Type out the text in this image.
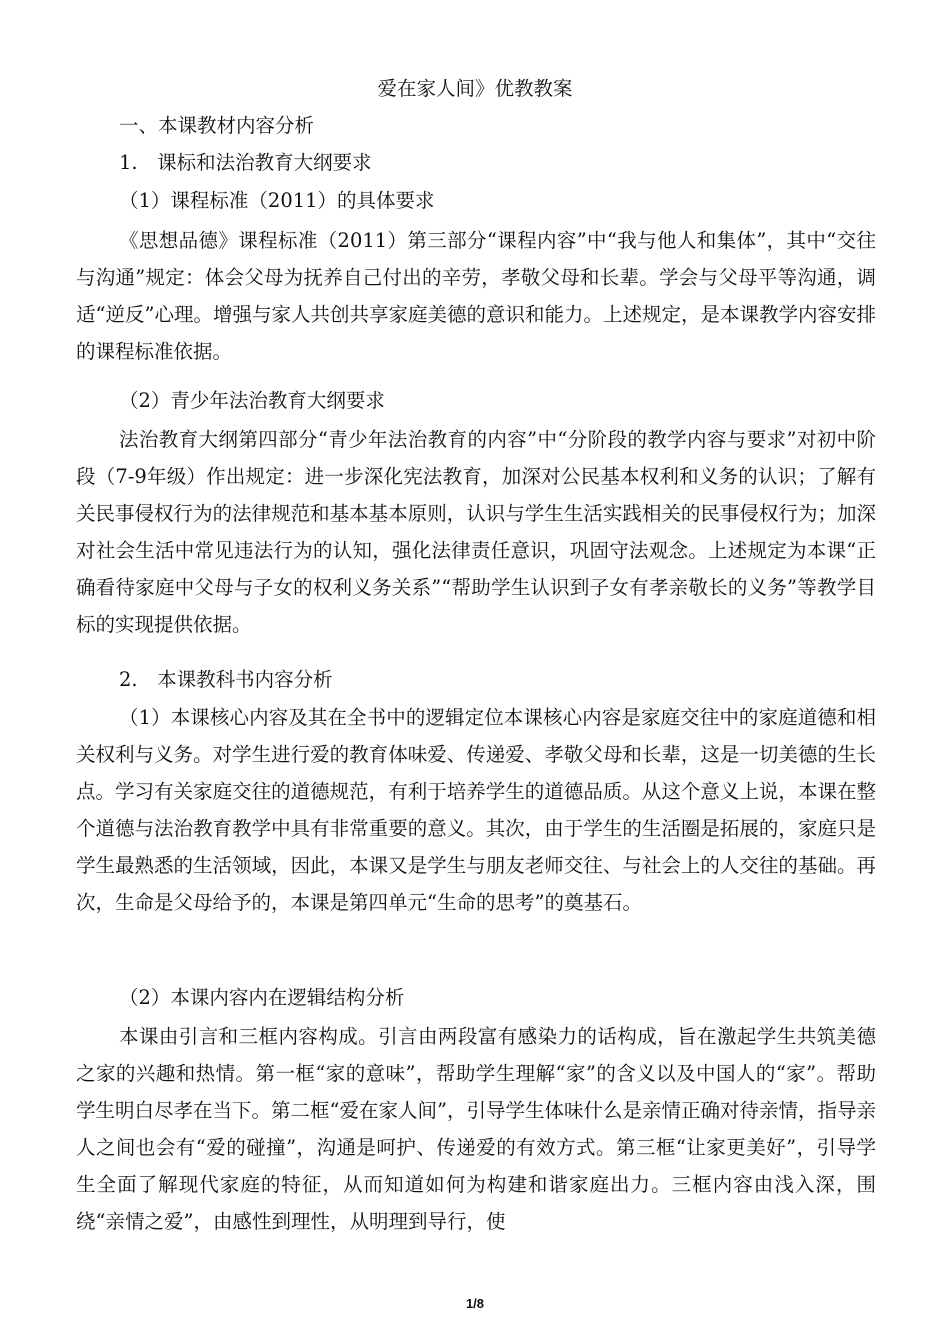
爱在家人间》优教教案
一、本课教材内容分析
1.　课标和法治教育大纲要求
（1）课程标准（2011）的具体要求
《思想品德》课程标准（2011）第三部分“课程内容”中“我与他人和集体”，其中“交往与沟通”规定：体会父母为抚养自己付出的辛劳，孝敬父母和长辈。学会与父母平等沟通，调适“逆反”心理。增强与家人共创共享家庭美德的意识和能力。上述规定，是本课教学内容安排的课程标准依据。
（2）青少年法治教育大纲要求
法治教育大纲第四部分“青少年法治教育的内容”中“分阶段的教学内容与要求”对初中阶段（7-9年级）作出规定：进一步深化宪法教育，加深对公民基本权利和义务的认识；了解有关民事侵权行为的法律规范和基本基本原则，认识与学生生活实践相关的民事侵权行为；加深对社会生活中常见违法行为的认知，强化法律责任意识，巩固守法观念。上述规定为本课“正确看待家庭中父母与子女的权利义务关系”“帮助学生认识到子女有孝亲敬长的义务”等教学目标的实现提供依据。
2.　本课教科书内容分析
（1）本课核心内容及其在全书中的逻辑定位本课核心内容是家庭交往中的家庭道德和相关权利与义务。对学生进行爱的教育体味爱、传递爱、孝敬父母和长辈，这是一切美德的生长点。学习有关家庭交往的道德规范，有利于培养学生的道德品质。从这个意义上说，本课在整个道德与法治教育教学中具有非常重要的意义。其次，由于学生的生活圈是拓展的，家庭只是学生最熟悉的生活领域，因此，本课又是学生与朋友老师交往、与社会上的人交往的基础。再次，生命是父母给予的，本课是第四单元“生命的思考”的奠基石。
（2）本课内容内在逻辑结构分析
本课由引言和三框内容构成。引言由两段富有感染力的话构成，旨在激起学生共筑美德之家的兴趣和热情。第一框“家的意味”，帮助学生理解“家”的含义以及中国人的“家”。帮助学生明白尽孝在当下。第二框“爱在家人间”，引导学生体味什么是亲情正确对待亲情，指导亲人之间也会有“爱的碰撞”，沟通是呵护、传递爱的有效方式。第三框“让家更美好”，引导学生全面了解现代家庭的特征，从而知道如何为构建和谐家庭出力。三框内容由浅入深，围绕“亲情之爱”，由感性到理性，从明理到导行，使
1/8
